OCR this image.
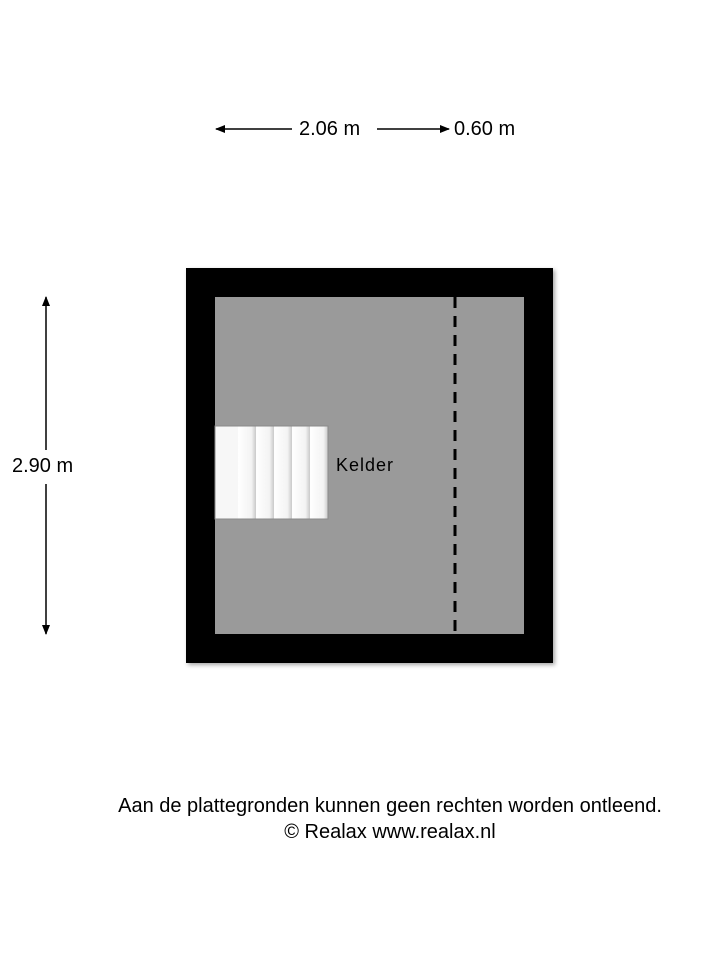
2.06 m	0.60 m
2.90 m	Kelder
Aan de plattegronden kunnen geen rechten worden ontleend.
© Realax www.realax.nl
